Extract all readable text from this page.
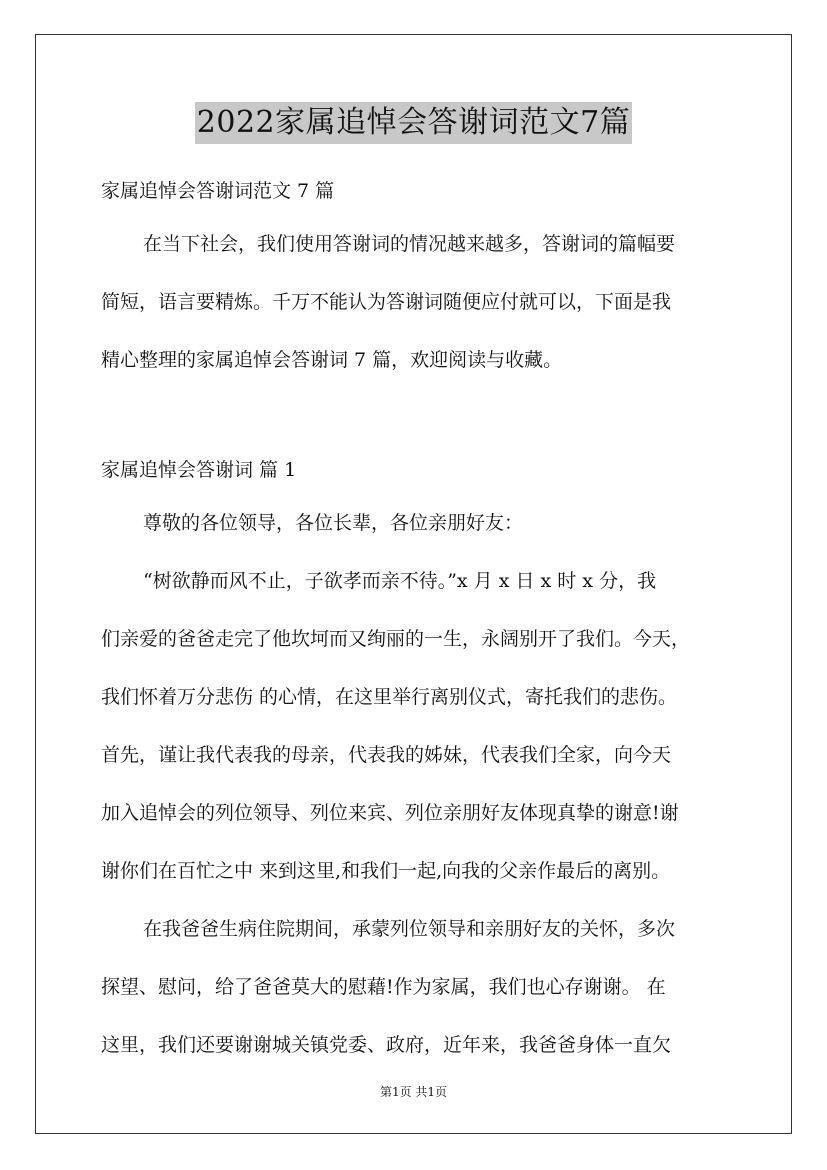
2022家属追悼会答谢词范文7篇
家属追悼会答谢词范文 7 篇
在当下社会，我们使用答谢词的情况越来越多，答谢词的篇幅要
简短，语言要精炼。千万不能认为答谢词随便应付就可以，下面是我
精心整理的家属追悼会答谢词 7 篇，欢迎阅读与收藏。
家属追悼会答谢词 篇 1
尊敬的各位领导，各位长辈，各位亲朋好友：
“树欲静而风不止，子欲孝而亲不待。”x 月 x 日 x 时 x 分，我
们亲爱的爸爸走完了他坎坷而又绚丽的一生，永阔别开了我们。今天，
我们怀着万分悲伤 的心情，在这里举行离别仪式，寄托我们的悲伤。
首先，谨让我代表我的母亲，代表我的姊妹，代表我们全家，向今天
加入追悼会的列位领导、列位来宾、列位亲朋好友体现真挚的谢意!谢
谢你们在百忙之中 来到这里,和我们一起,向我的父亲作最后的离别。
在我爸爸生病住院期间，承蒙列位领导和亲朋好友的关怀，多次
探望、慰问，给了爸爸莫大的慰藉!作为家属，我们也心存谢谢。 在
这里，我们还要谢谢城关镇党委、政府，近年来，我爸爸身体一直欠
第1页 共1页
